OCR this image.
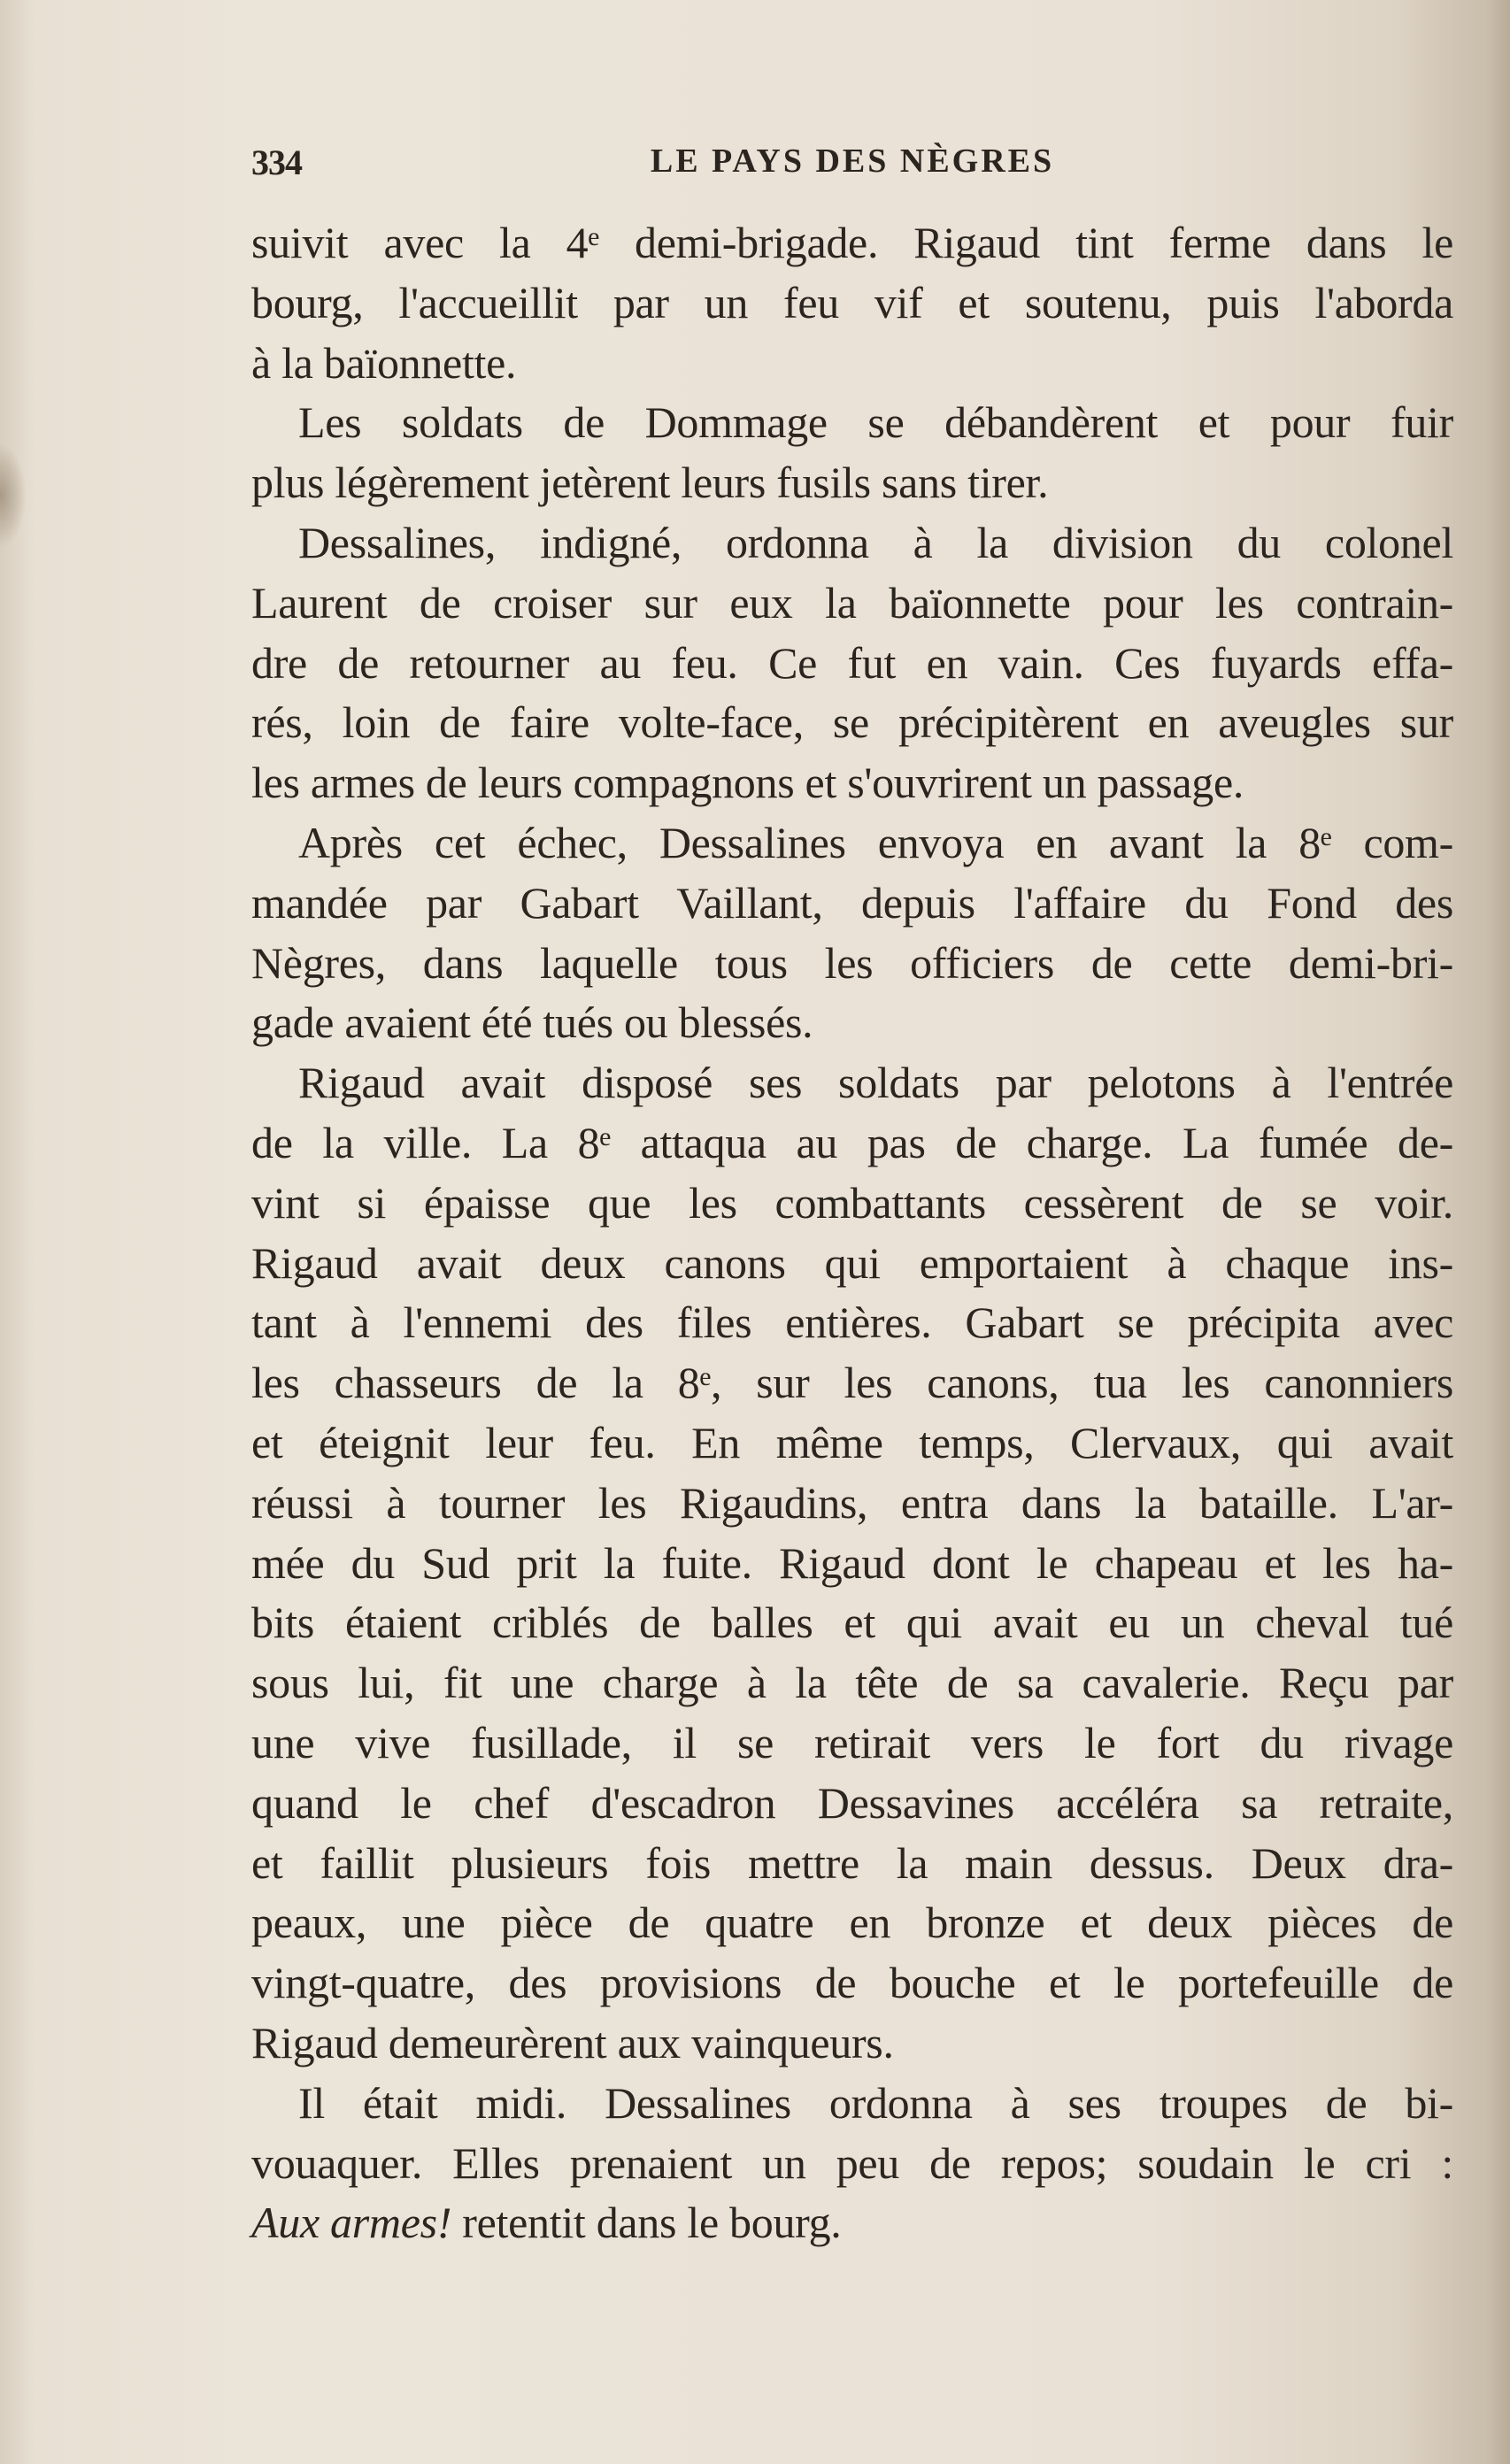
334	LE PAYS DES NÈGRES
suivit avec la 4ᵉ demi-brigade. Rigaud tint ferme dans le
bourg, l'accueillit par un feu vif et soutenu, puis l'aborda
à la baïonnette.
Les soldats de Dommage se débandèrent et pour fuir
plus légèrement jetèrent leurs fusils sans tirer.
Dessalines, indigné, ordonna à la division du colonel
Laurent de croiser sur eux la baïonnette pour les contrain-
dre de retourner au feu. Ce fut en vain. Ces fuyards effa-
rés, loin de faire volte-face, se précipitèrent en aveugles sur
les armes de leurs compagnons et s'ouvrirent un passage.
Après cet échec, Dessalines envoya en avant la 8ᵉ com-
mandée par Gabart Vaillant, depuis l'affaire du Fond des
Nègres, dans laquelle tous les officiers de cette demi-bri-
gade avaient été tués ou blessés.
Rigaud avait disposé ses soldats par pelotons à l'entrée
de la ville. La 8ᵉ attaqua au pas de charge. La fumée de-
vint si épaisse que les combattants cessèrent de se voir.
Rigaud avait deux canons qui emportaient à chaque ins-
tant à l'ennemi des files entières. Gabart se précipita avec
les chasseurs de la 8ᵉ, sur les canons, tua les canonniers
et éteignit leur feu. En même temps, Clervaux, qui avait
réussi à tourner les Rigaudins, entra dans la bataille. L'ar-
mée du Sud prit la fuite. Rigaud dont le chapeau et les ha-
bits étaient criblés de balles et qui avait eu un cheval tué
sous lui, fit une charge à la tête de sa cavalerie. Reçu par
une vive fusillade, il se retirait vers le fort du rivage
quand le chef d'escadron Dessavines accéléra sa retraite,
et faillit plusieurs fois mettre la main dessus. Deux dra-
peaux, une pièce de quatre en bronze et deux pièces de
vingt-quatre, des provisions de bouche et le portefeuille de
Rigaud demeurèrent aux vainqueurs.
Il était midi. Dessalines ordonna à ses troupes de bi-
vouaquer. Elles prenaient un peu de repos; soudain le cri :
Aux armes! retentit dans le bourg.
